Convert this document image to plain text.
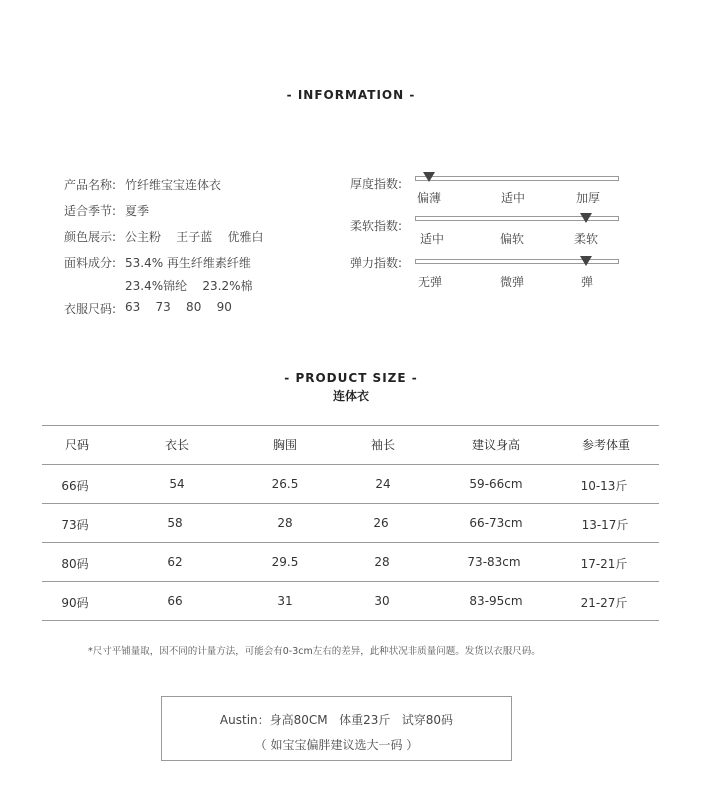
- INFORMATION -
产品名称: 竹纤维宝宝连体衣
适合季节: 夏季
颜色展示: 公主粉    王子蓝    优雅白
面料成分: 53.4% 再生纤维素纤维
23.4%锦纶    23.2%棉
衣服尺码: 63    73    80    90
厚度指数:
偏薄	适中	加厚
柔软指数:
适中	偏软	柔软
弹力指数:
无弹	微弹	弹
- PRODUCT SIZE -
连体衣
尺码	衣长	胸围	袖长	建议身高	参考体重
66码	54	26.5	24	59-66cm	10-13斤
73码	58	28	26	66-73cm	13-17斤
80码	62	29.5	28	73-83cm	17-21斤
90码	66	31	30	83-95cm	21-27斤
*尺寸平铺量取，因不同的计量方法，可能会有0-3cm左右的差异，此种状况非质量问题。发货以衣服尺码。
Austin：身高80CM   体重23斤   试穿80码
（ 如宝宝偏胖建议选大一码 ）
